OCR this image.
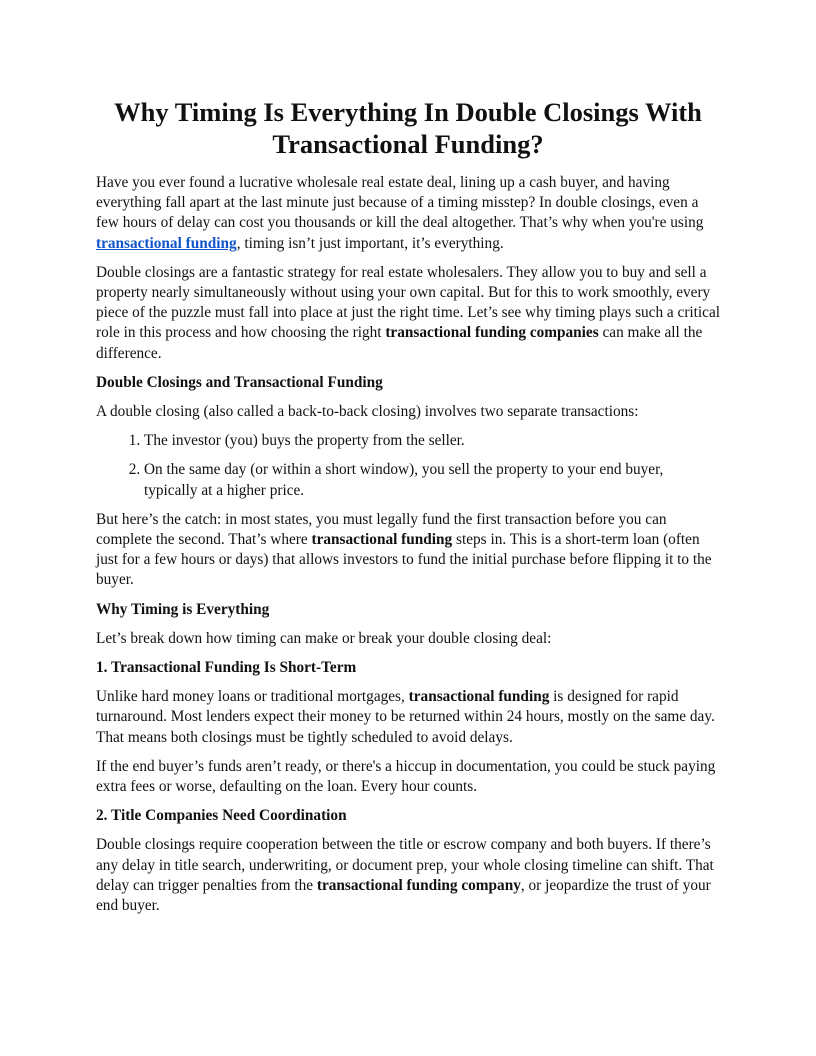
Why Timing Is Everything In Double Closings With Transactional Funding?

Have you ever found a lucrative wholesale real estate deal, lining up a cash buyer, and having everything fall apart at the last minute just because of a timing misstep? In double closings, even a few hours of delay can cost you thousands or kill the deal altogether. That’s why when you're using transactional funding, timing isn’t just important, it’s everything.

Double closings are a fantastic strategy for real estate wholesalers. They allow you to buy and sell a property nearly simultaneously without using your own capital. But for this to work smoothly, every piece of the puzzle must fall into place at just the right time. Let’s see why timing plays such a critical role in this process and how choosing the right transactional funding companies can make all the difference.

Double Closings and Transactional Funding

A double closing (also called a back-to-back closing) involves two separate transactions:

1. The investor (you) buys the property from the seller.
2. On the same day (or within a short window), you sell the property to your end buyer, typically at a higher price.

But here’s the catch: in most states, you must legally fund the first transaction before you can complete the second. That’s where transactional funding steps in. This is a short-term loan (often just for a few hours or days) that allows investors to fund the initial purchase before flipping it to the buyer.

Why Timing is Everything

Let’s break down how timing can make or break your double closing deal:

1. Transactional Funding Is Short-Term

Unlike hard money loans or traditional mortgages, transactional funding is designed for rapid turnaround. Most lenders expect their money to be returned within 24 hours, mostly on the same day. That means both closings must be tightly scheduled to avoid delays.

If the end buyer’s funds aren’t ready, or there's a hiccup in documentation, you could be stuck paying extra fees or worse, defaulting on the loan. Every hour counts.

2. Title Companies Need Coordination

Double closings require cooperation between the title or escrow company and both buyers. If there’s any delay in title search, underwriting, or document prep, your whole closing timeline can shift. That delay can trigger penalties from the transactional funding company, or jeopardize the trust of your end buyer.
